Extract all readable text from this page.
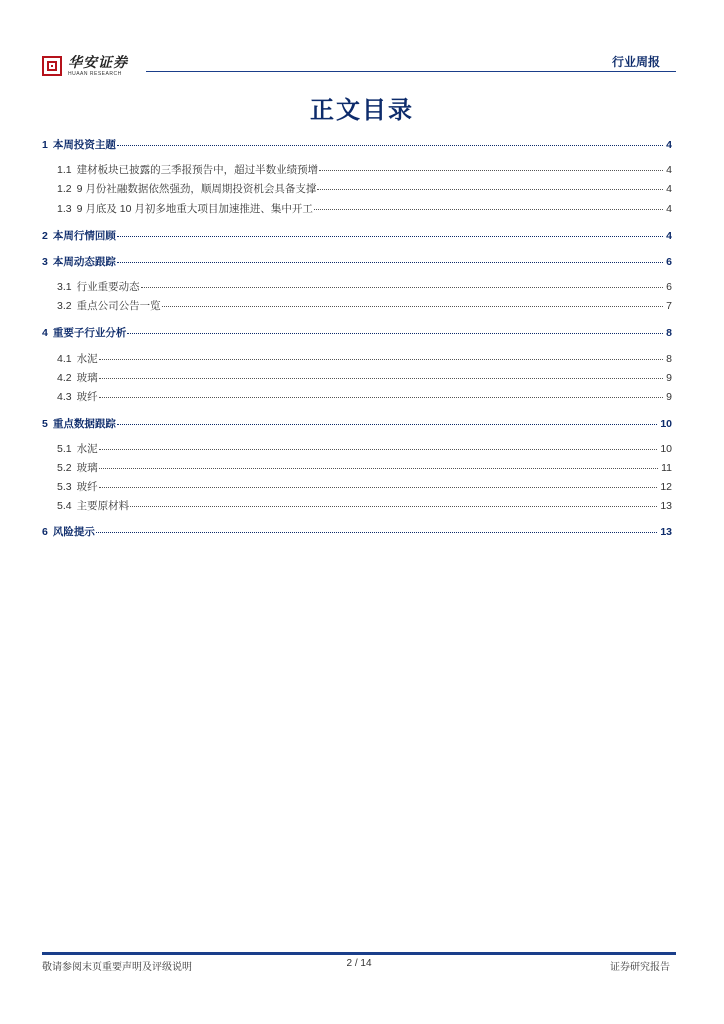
华安证券
HUAAN RESEARCH
行业周报
正文目录
1 本周投资主题	4
1.1 建材板块已披露的三季报预告中，超过半数业绩预增	4
1.2 9 月份社融数据依然强劲，顺周期投资机会具备支撑	4
1.3 9 月底及 10 月初多地重大项目加速推进、集中开工	4
2 本周行情回顾	4
3 本周动态跟踪	6
3.1 行业重要动态	6
3.2 重点公司公告一览	7
4 重要子行业分析	8
4.1 水泥	8
4.2 玻璃	9
4.3 玻纤	9
5 重点数据跟踪	10
5.1 水泥	10
5.2 玻璃	11
5.3 玻纤	12
5.4 主要原材料	13
6 风险提示	13
敬请参阅末页重要声明及评级说明	2 / 14	证券研究报告
